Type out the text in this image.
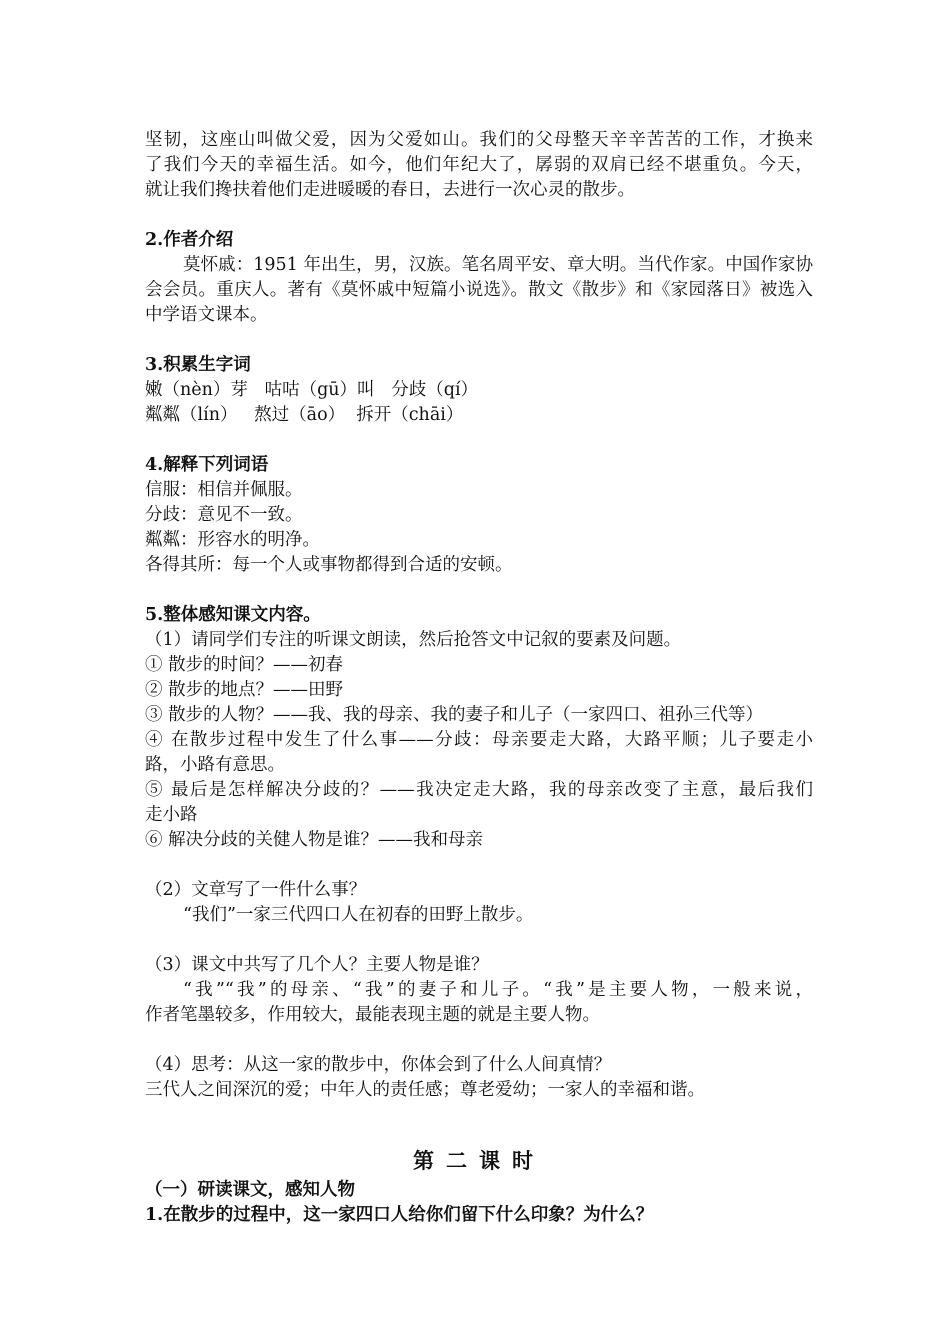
坚韧，这座山叫做父爱，因为父爱如山。我们的父母整天辛辛苦苦的工作，才换来
了我们今天的幸福生活。如今，他们年纪大了，孱弱的双肩已经不堪重负。今天，
就让我们搀扶着他们走进暖暖的春日，去进行一次心灵的散步。
2.作者介绍
莫怀戚：1951 年出生，男，汉族。笔名周平安、章大明。当代作家。中国作家协
会会员。重庆人。著有《莫怀戚中短篇小说选》。散文《散步》和《家园落日》被选入
中学语文课本。
3.积累生字词
嫩（nèn）芽   咕咕（gū）叫   分歧（qí）
粼粼（lín）   熬过（āo）  拆开（chāi）
4.解释下列词语
信服：相信并佩服。
分歧：意见不一致。
粼粼：形容水的明净。
各得其所：每一个人或事物都得到合适的安顿。
5.整体感知课文内容。
（1）请同学们专注的听课文朗读，然后抢答文中记叙的要素及问题。
① 散步的时间？——初春
② 散步的地点？——田野
③ 散步的人物？——我、我的母亲、我的妻子和儿子（一家四口、祖孙三代等）
④ 在散步过程中发生了什么事——分歧：母亲要走大路，大路平顺；儿子要走小
路，小路有意思。
⑤ 最后是怎样解决分歧的？——我决定走大路，我的母亲改变了主意，最后我们
走小路
⑥ 解决分歧的关健人物是谁？——我和母亲
（2）文章写了一件什么事？
“我们”一家三代四口人在初春的田野上散步。
（3）课文中共写了几个人？主要人物是谁？
“我”“我”的母亲、“我”的妻子和儿子。“我”是主要人物，一般来说，
作者笔墨较多，作用较大，最能表现主题的就是主要人物。
（4）思考：从这一家的散步中，你体会到了什么人间真情？
三代人之间深沉的爱；中年人的责任感；尊老爱幼；一家人的幸福和谐。
第二课时
（一）研读课文，感知人物
1.在散步的过程中，这一家四口人给你们留下什么印象？为什么？
